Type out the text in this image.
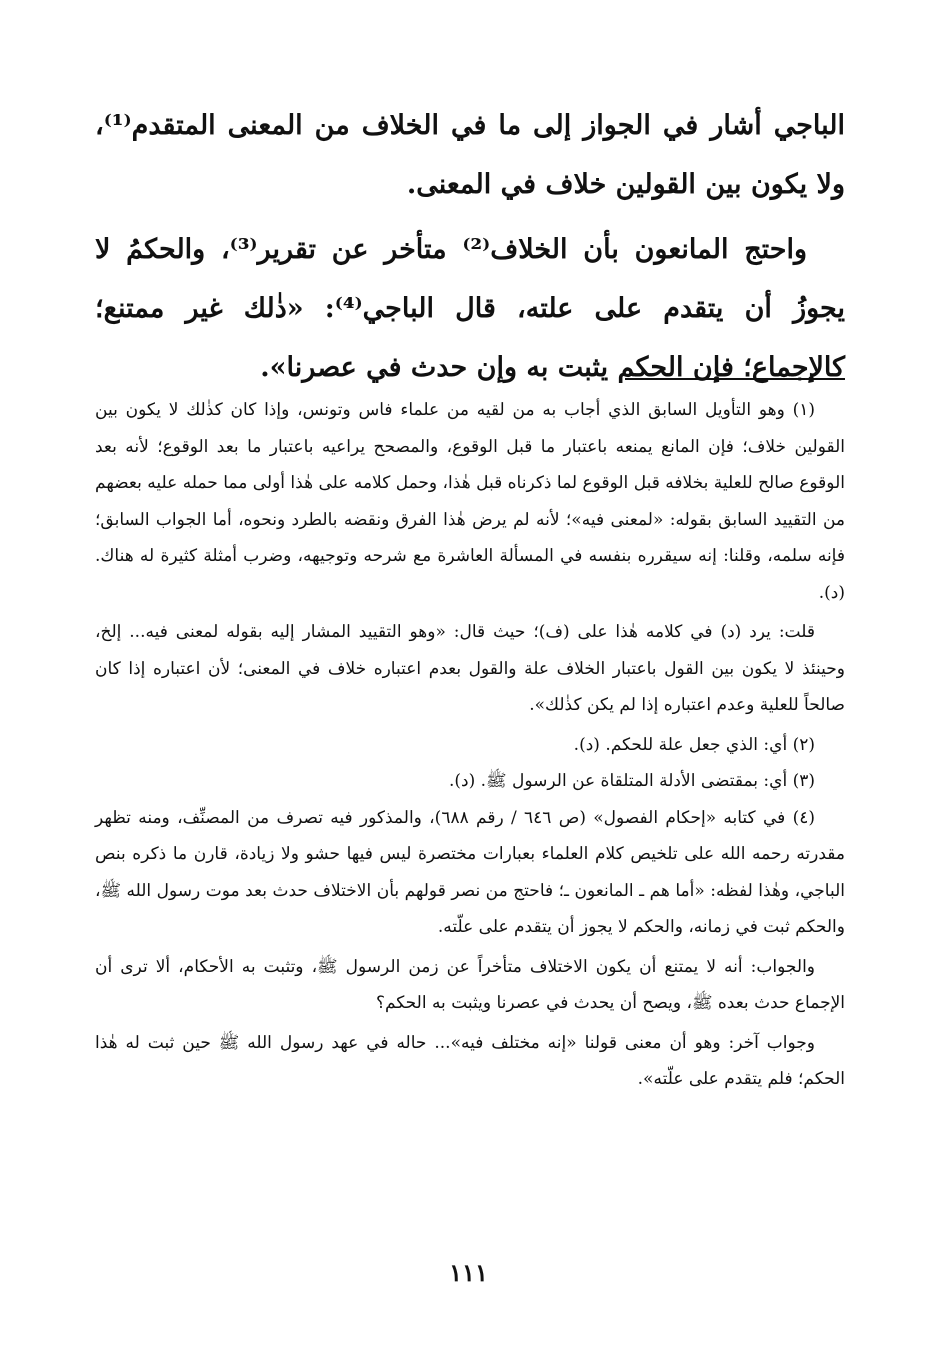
الباجي أشار في الجواز إلى ما في الخلاف من المعنى المتقدم⁽¹⁾، ولا يكون بين القولين خلاف في المعنى.

واحتج المانعون بأن الخلاف⁽²⁾ متأخر عن تقرير⁽³⁾، والحكمُ لا يجوزُ أن يتقدم على علته، قال الباجي⁽⁴⁾: «ذٰلك غير ممتنع؛ كالإجماع؛ فإن الحكم يثبت به وإن حدث في عصرنا».

(١) وهو التأويل السابق الذي أجاب به من لقيه من علماء فاس وتونس، وإذا كان كذٰلك لا يكون بين القولين خلاف؛ فإن المانع يمنعه باعتبار ما قبل الوقوع، والمصحح يراعيه باعتبار ما بعد الوقوع؛ لأنه بعد الوقوع صالح للعلية بخلافه قبل الوقوع لما ذكرناه قبل هٰذا، وحمل كلامه على هٰذا أولى مما حمله عليه بعضهم من التقييد السابق بقوله: «لمعنى فيه»؛ لأنه لم يرض هٰذا الفرق ونقضه بالطرد ونحوه، أما الجواب السابق؛ فإنه سلمه، وقلنا: إنه سيقرره بنفسه في المسألة العاشرة مع شرحه وتوجيهه، وضرب أمثلة كثيرة له هناك. (د).

قلت: يرد (د) في كلامه هٰذا على (ف)؛ حيث قال: «وهو التقييد المشار إليه بقوله لمعنى فيه... إلخ، وحينئذ لا يكون بين القول باعتبار الخلاف علة والقول بعدم اعتباره خلاف في المعنى؛ لأن اعتباره إذا كان صالحاً للعلية وعدم اعتباره إذا لم يكن كذٰلك».

(٢) أي: الذي جعل علة للحكم. (د).

(٣) أي: بمقتضى الأدلة المتلقاة عن الرسول ﷺ. (د).

(٤) في كتابه «إحكام الفصول» (ص ٦٤٦ / رقم ٦٨٨)، والمذكور فيه تصرف من المصنِّف، ومنه تظهر مقدرته رحمه الله على تلخيص كلام العلماء بعبارات مختصرة ليس فيها حشو ولا زيادة، قارن ما ذكره بنص الباجي، وهٰذا لفظه: «أما هم ـ المانعون ـ؛ فاحتج من نصر قولهم بأن الاختلاف حدث بعد موت رسول الله ﷺ، والحكم ثبت في زمانه، والحكم لا يجوز أن يتقدم على علّته.

والجواب: أنه لا يمتنع أن يكون الاختلاف متأخراً عن زمن الرسول ﷺ، وتثبت به الأحكام، ألا ترى أن الإجماع حدث بعده ﷺ، ويصح أن يحدث في عصرنا ويثبت به الحكم؟

وجواب آخر: وهو أن معنى قولنا «إنه مختلف فيه»... حاله في عهد رسول الله ﷺ حين ثبت له هٰذا الحكم؛ فلم يتقدم على علّته».

١١١
